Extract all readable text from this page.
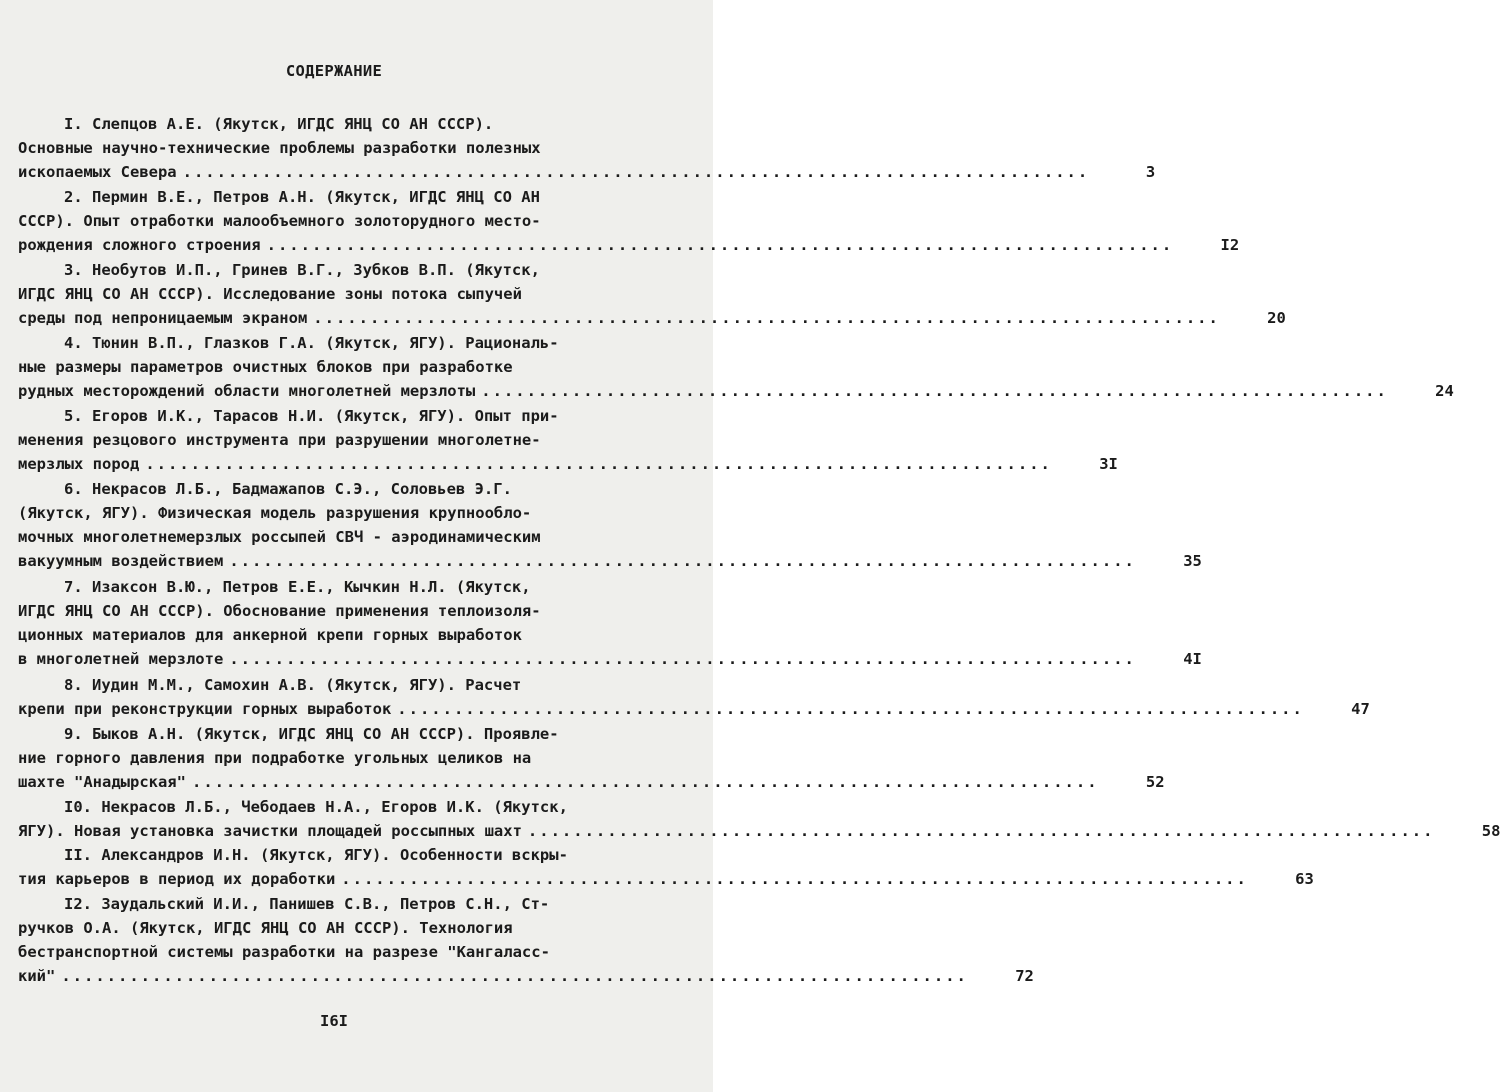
СОДЕРЖАНИЕ
I. Слепцов А.Е. (Якутск, ИГДС ЯНЦ СО АН СССР).
Основные научно-технические проблемы разработки полезных
ископаемых Севера ................................................................................	3
2. Пермин В.Е., Петров А.Н. (Якутск, ИГДС ЯНЦ СО АН
СССР). Опыт отработки малообъемного золоторудного место-
рождения сложного строения ................................................................................	I2
3. Необутов И.П., Гринев В.Г., Зубков В.П. (Якутск,
ИГДС ЯНЦ СО АН СССР). Исследование зоны потока сыпучей
среды под непроницаемым экраном ................................................................................	20
4. Тюнин В.П., Глазков Г.А. (Якутск, ЯГУ). Рациональ-
ные размеры параметров очистных блоков при разработке
рудных месторождений области многолетней мерзлоты ................................................................................	24
5. Егоров И.К., Тарасов Н.И. (Якутск, ЯГУ). Опыт при-
менения резцового инструмента при разрушении многолетне-
мерзлых пород ................................................................................	3I
6. Некрасов Л.Б., Бадмажапов С.Э., Соловьев Э.Г.
(Якутск, ЯГУ). Физическая модель разрушения крупнообло-
мочных многолетнемерзлых россыпей СВЧ - аэродинамическим
вакуумным воздействием ................................................................................	35
7. Изаксон В.Ю., Петров Е.Е., Кычкин Н.Л. (Якутск,
ИГДС ЯНЦ СО АН СССР). Обоснование применения теплоизоля-
ционных материалов для анкерной крепи горных выработок
в многолетней мерзлоте ................................................................................	4I
8. Иудин М.М., Самохин А.В. (Якутск, ЯГУ). Расчет
крепи при реконструкции горных выработок ................................................................................	47
9. Быков А.Н. (Якутск, ИГДС ЯНЦ СО АН СССР). Проявле-
ние горного давления при подработке угольных целиков на
шахте "Анадырская" ................................................................................	52
I0. Некрасов Л.Б., Чебодаев Н.А., Егоров И.К. (Якутск,
ЯГУ). Новая установка зачистки площадей россыпных шахт ................................................................................	58
II. Александров И.Н. (Якутск, ЯГУ). Особенности вскры-
тия карьеров в период их доработки ................................................................................	63
I2. Заудальский И.И., Панишев С.В., Петров С.Н., Ст-
ручков О.А. (Якутск, ИГДС ЯНЦ СО АН СССР). Технология
бестранспортной системы разработки на разрезе "Кангаласс-
кий" ................................................................................	72
I6I
